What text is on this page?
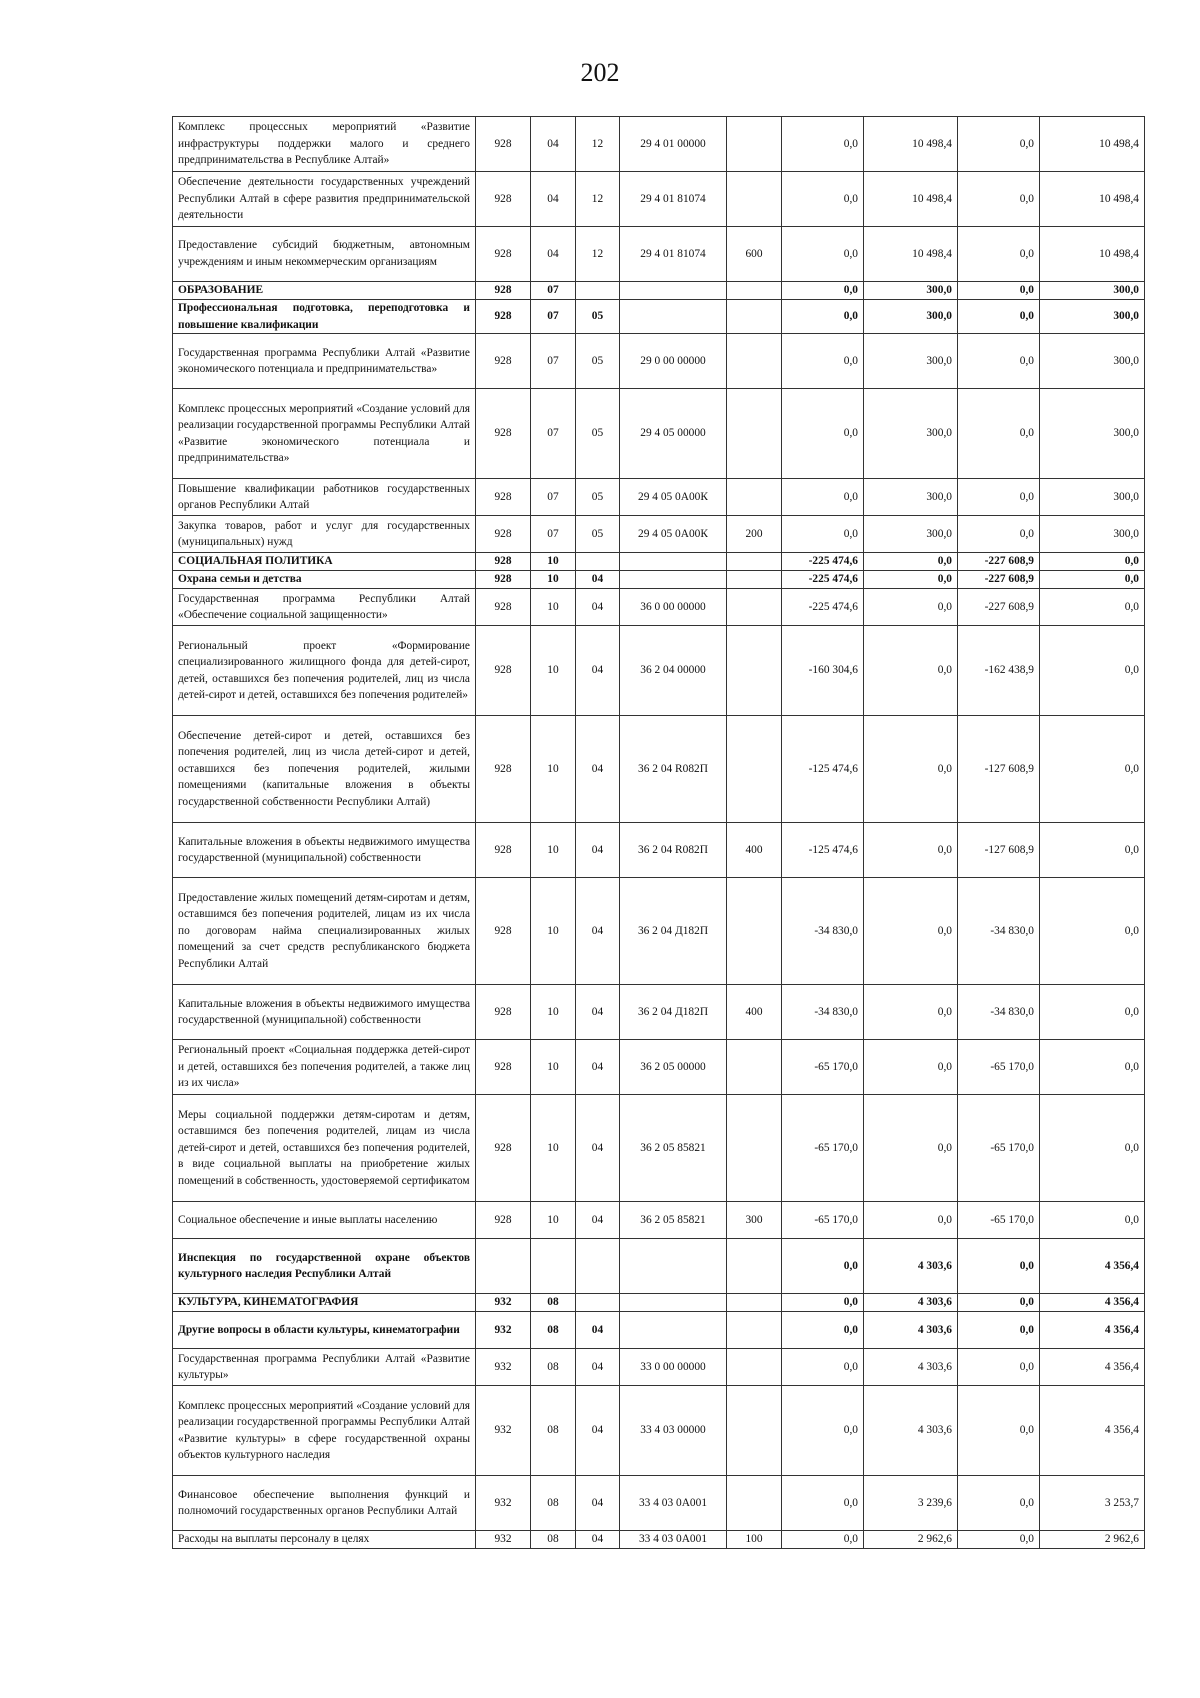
202
Комплекс процессных мероприятий «Развитие инфраструктуры поддержки малого и среднего предпринимательства в Республике Алтай»	928	04	12	29 4 01 00000		0,0	10 498,4	0,0	10 498,4
Обеспечение деятельности государственных учреждений Республики Алтай в сфере развития предпринимательской деятельности	928	04	12	29 4 01 81074		0,0	10 498,4	0,0	10 498,4
Предоставление субсидий бюджетным, автономным учреждениям и иным некоммерческим организациям	928	04	12	29 4 01 81074	600	0,0	10 498,4	0,0	10 498,4
ОБРАЗОВАНИЕ	928	07				0,0	300,0	0,0	300,0
Профессиональная подготовка, переподготовка и повышение квалификации	928	07	05			0,0	300,0	0,0	300,0
Государственная программа Республики Алтай «Развитие экономического потенциала и предпринимательства»	928	07	05	29 0 00 00000		0,0	300,0	0,0	300,0
Комплекс процессных мероприятий «Создание условий для реализации государственной программы Республики Алтай «Развитие экономического потенциала и предпринимательства»	928	07	05	29 4 05 00000		0,0	300,0	0,0	300,0
Повышение квалификации работников государственных органов Республики Алтай	928	07	05	29 4 05 0А00К		0,0	300,0	0,0	300,0
Закупка товаров, работ и услуг для государственных (муниципальных) нужд	928	07	05	29 4 05 0А00К	200	0,0	300,0	0,0	300,0
СОЦИАЛЬНАЯ ПОЛИТИКА	928	10				-225 474,6	0,0	-227 608,9	0,0
Охрана семьи и детства	928	10	04			-225 474,6	0,0	-227 608,9	0,0
Государственная программа Республики Алтай «Обеспечение социальной защищенности»	928	10	04	36 0 00 00000		-225 474,6	0,0	-227 608,9	0,0
Региональный проект «Формирование специализированного жилищного фонда для детей-сирот, детей, оставшихся без попечения родителей, лиц из числа детей-сирот и детей, оставшихся без попечения родителей»	928	10	04	36 2 04 00000		-160 304,6	0,0	-162 438,9	0,0
Обеспечение детей-сирот и детей, оставшихся без попечения родителей, лиц из числа детей-сирот и детей, оставшихся без попечения родителей, жилыми помещениями (капитальные вложения в объекты государственной собственности Республики Алтай)	928	10	04	36 2 04 R082П		-125 474,6	0,0	-127 608,9	0,0
Капитальные вложения в объекты недвижимого имущества государственной (муниципальной) собственности	928	10	04	36 2 04 R082П	400	-125 474,6	0,0	-127 608,9	0,0
Предоставление жилых помещений детям-сиротам и детям, оставшимся без попечения родителей, лицам из их числа по договорам найма специализированных жилых помещений за счет средств республиканского бюджета Республики Алтай	928	10	04	36 2 04 Д182П		-34 830,0	0,0	-34 830,0	0,0
Капитальные вложения в объекты недвижимого имущества государственной (муниципальной) собственности	928	10	04	36 2 04 Д182П	400	-34 830,0	0,0	-34 830,0	0,0
Региональный проект «Социальная поддержка детей-сирот и детей, оставшихся без попечения родителей, а также лиц из их числа»	928	10	04	36 2 05 00000		-65 170,0	0,0	-65 170,0	0,0
Меры социальной поддержки детям-сиротам и детям, оставшимся без попечения родителей, лицам из числа детей-сирот и детей, оставшихся без попечения родителей, в виде социальной выплаты на приобретение жилых помещений в собственность, удостоверяемой сертификатом	928	10	04	36 2 05 85821		-65 170,0	0,0	-65 170,0	0,0
Социальное обеспечение и иные выплаты населению	928	10	04	36 2 05 85821	300	-65 170,0	0,0	-65 170,0	0,0
Инспекция по государственной охране объектов культурного наследия Республики Алтай						0,0	4 303,6	0,0	4 356,4
КУЛЬТУРА, КИНЕМАТОГРАФИЯ	932	08				0,0	4 303,6	0,0	4 356,4
Другие вопросы в области культуры, кинематографии	932	08	04			0,0	4 303,6	0,0	4 356,4
Государственная программа Республики Алтай «Развитие культуры»	932	08	04	33 0 00 00000		0,0	4 303,6	0,0	4 356,4
Комплекс процессных мероприятий «Создание условий для реализации государственной программы Республики Алтай «Развитие культуры» в сфере государственной охраны объектов культурного наследия	932	08	04	33 4 03 00000		0,0	4 303,6	0,0	4 356,4
Финансовое обеспечение выполнения функций и полномочий государственных органов Республики Алтай	932	08	04	33 4 03 0А001		0,0	3 239,6	0,0	3 253,7
Расходы на выплаты персоналу в целях	932	08	04	33 4 03 0А001	100	0,0	2 962,6	0,0	2 962,6
